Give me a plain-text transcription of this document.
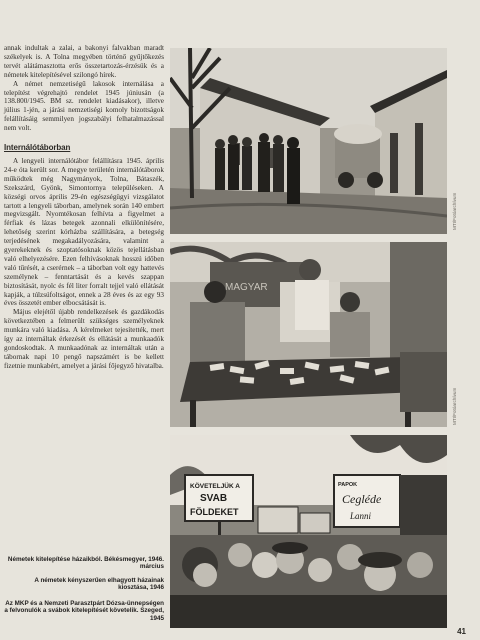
annak indultak a zalai, a bakonyi falvakban maradt székelyek is. A Tolna megyében történő gyűjtőkezés tervét alátámasztotta erős összetartozás-érzésük és a németek kitelepítésével szilongó hírek.

A német nemzetiségű lakosok internálása a telepítést végrehajtó rendelet 1945 júniusán (a 138.800/1945. BM sz. rendelet kiadásakor), illetve július 1-jén, a járási nemzetiségi komoly bizottságok felállításáig semmilyen jogszabályi felhatalmazással nem volt.

Internálótáborban

A lengyeli internálótábor felállításra 1945. április 24-e óta került sor. A megye területén internálótáborok működtek még Nagymányok, Tolna, Bátaszék, Szekszárd, Gyönk, Simontornya településeken. A községi orvos április 29-én egészségügyi vizsgálatot tartott a lengyeli táborban, amelynek során 140 embert megvizsgált. Nyomtékosan felhívta a figyelmet a férfiak és lázas betegek azonnali elkülönítésére, lehetőség szerint kórházba szállítására, a betegség terjedésének megakadályozására, valamint a gyerekeknek és szoptatósoknak közös tejellátásban való elhelyezésére. Ezen felhívásoknak hosszú időben való tűrését, a cserérnek – a táborban volt egy hattevés személynek – fenntartását és a kevés szappan biztosítását, nyolc és fél liter forralt tejjel való ellátását kapják, a túlzsúfoltságot, ennek a 28 éves és az egy 93 éves összetét ember elbocsátását is.

Május elejétől újabb rendelkezések és gazdákodás következtében a felmerült szükséges személyeknek munkára való kiadása. A kérelmeket tejesítették, mert így az internáltak érkezését és ellátását a munkaadók gondoskodtak. A munkaadónak az internáltak után a tábornak napi 10 pengő napszámért is be kellett fizetnie munkabért, amelyet a járási főjegyző hivatalba.

Németek kitelepítése házaikból. Békésmegyer, 1946. március
A németek kényszerűen elhagyott házainak kiosztása, 1946
Az MKP és a Nemzeti Parasztpárt Dózsa-ünnepségen a felvonulók a svábok kitelepítését követelik. Szeged, 1945
MTI/Fotóarchívum
MAGYAR
MTI/Fotóarchívum
KÖVETELJÜK A
SVAB
FÖLDEKET
PAPOK
Cegléde
Lanni
41
